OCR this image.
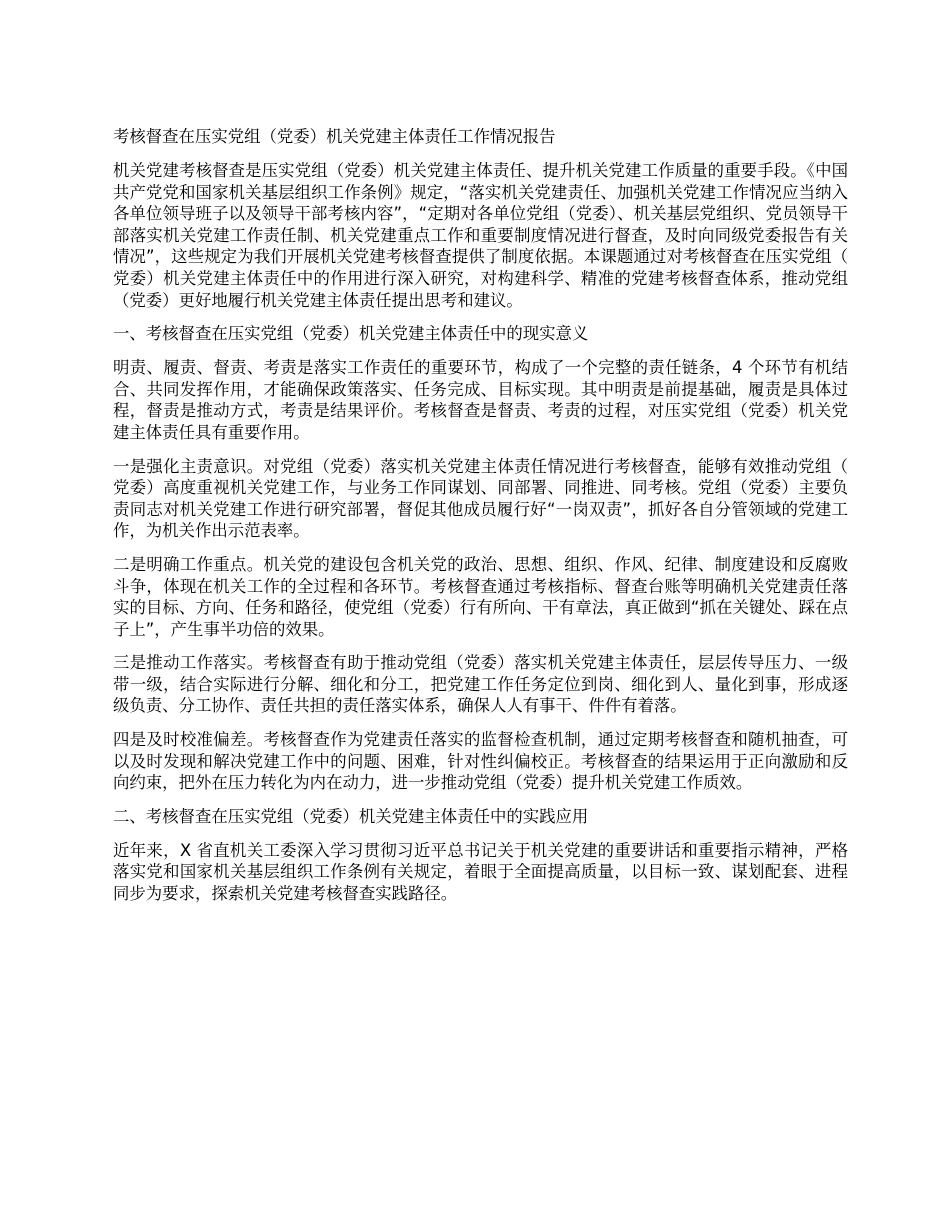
考核督查在压实党组（党委）机关党建主体责任工作情况报告

机关党建考核督查是压实党组（党委）机关党建主体责任、提升机关党建工作质量的重要手段。《中国共产党党和国家机关基层组织工作条例》规定，“落实机关党建责任、加强机关党建工作情况应当纳入各单位领导班子以及领导干部考核内容”，“定期对各单位党组（党委）、机关基层党组织、党员领导干部落实机关党建工作责任制、机关党建重点工作和重要制度情况进行督查，及时向同级党委报告有关情况”，这些规定为我们开展机关党建考核督查提供了制度依据。本课题通过对考核督查在压实党组（党委）机关党建主体责任中的作用进行深入研究，对构建科学、精准的党建考核督查体系，推动党组（党委）更好地履行机关党建主体责任提出思考和建议。

一、考核督查在压实党组（党委）机关党建主体责任中的现实意义

明责、履责、督责、考责是落实工作责任的重要环节，构成了一个完整的责任链条，4 个环节有机结合、共同发挥作用，才能确保政策落实、任务完成、目标实现。其中明责是前提基础，履责是具体过程，督责是推动方式，考责是结果评价。考核督查是督责、考责的过程，对压实党组（党委）机关党建主体责任具有重要作用。

一是强化主责意识。对党组（党委）落实机关党建主体责任情况进行考核督查，能够有效推动党组（党委）高度重视机关党建工作，与业务工作同谋划、同部署、同推进、同考核。党组（党委）主要负责同志对机关党建工作进行研究部署，督促其他成员履行好“一岗双责”，抓好各自分管领域的党建工作，为机关作出示范表率。

二是明确工作重点。机关党的建设包含机关党的政治、思想、组织、作风、纪律、制度建设和反腐败斗争，体现在机关工作的全过程和各环节。考核督查通过考核指标、督查台账等明确机关党建责任落实的目标、方向、任务和路径，使党组（党委）行有所向、干有章法，真正做到“抓在关键处、踩在点子上”，产生事半功倍的效果。

三是推动工作落实。考核督查有助于推动党组（党委）落实机关党建主体责任，层层传导压力、一级带一级，结合实际进行分解、细化和分工，把党建工作任务定位到岗、细化到人、量化到事，形成逐级负责、分工协作、责任共担的责任落实体系，确保人人有事干、件件有着落。

四是及时校准偏差。考核督查作为党建责任落实的监督检查机制，通过定期考核督查和随机抽查，可以及时发现和解决党建工作中的问题、困难，针对性纠偏校正。考核督查的结果运用于正向激励和反向约束，把外在压力转化为内在动力，进一步推动党组（党委）提升机关党建工作质效。

二、考核督查在压实党组（党委）机关党建主体责任中的实践应用

近年来，X 省直机关工委深入学习贯彻习近平总书记关于机关党建的重要讲话和重要指示精神，严格落实党和国家机关基层组织工作条例有关规定，着眼于全面提高质量，以目标一致、谋划配套、进程同步为要求，探索机关党建考核督查实践路径。
